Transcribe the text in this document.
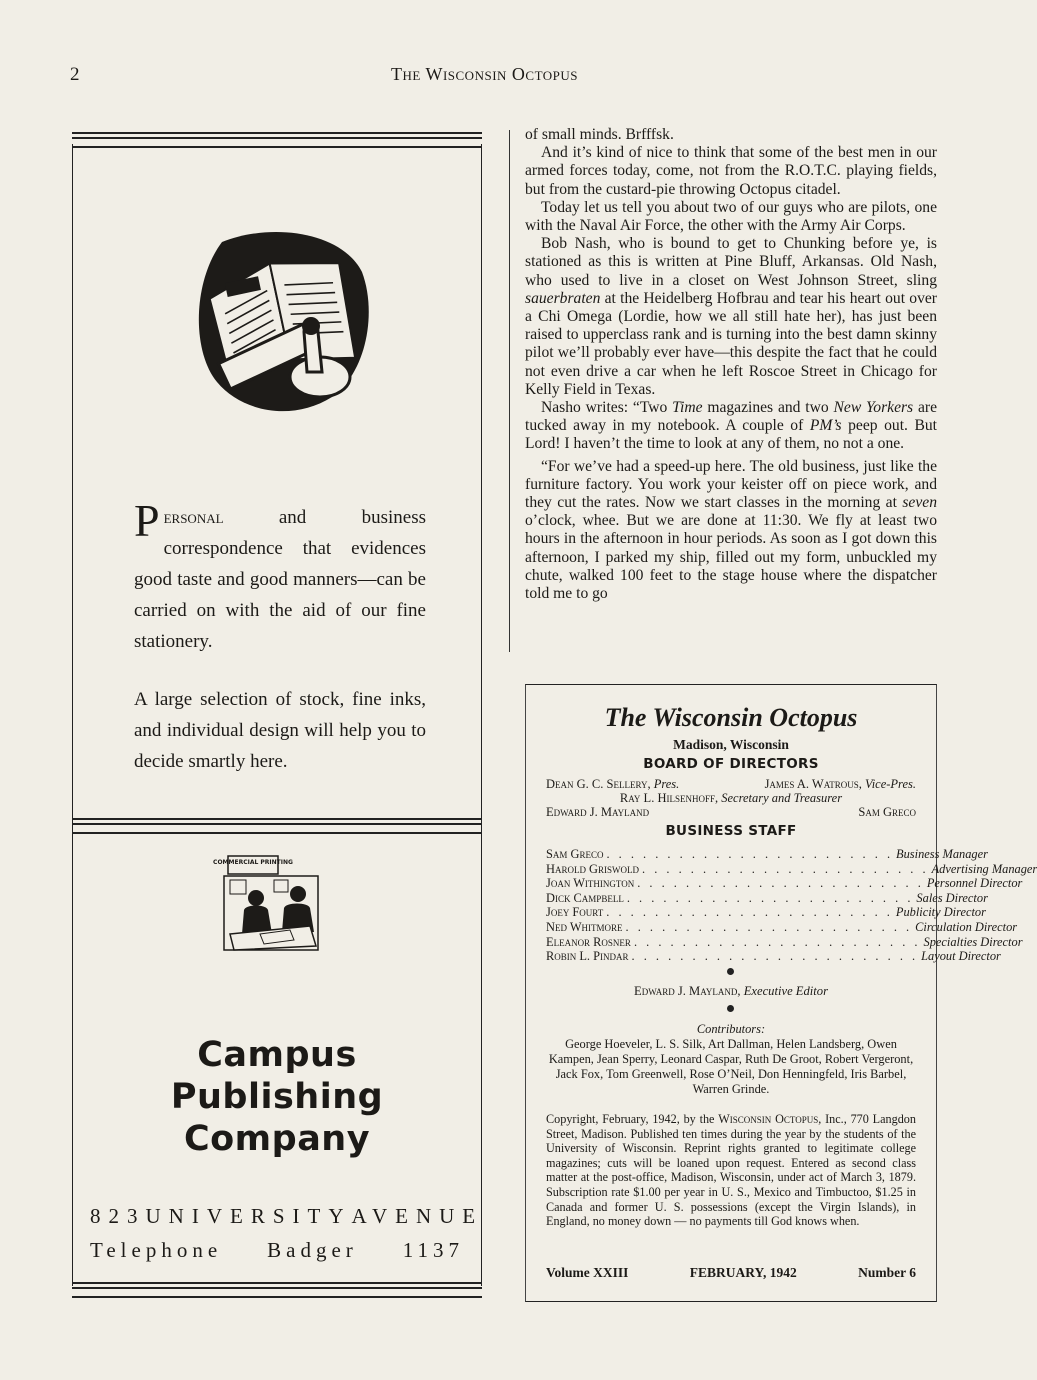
2	The Wisconsin Octopus
Personal and business correspondence that evidences good taste and good manners—can be carried on with the aid of our fine stationery.
A large selection of stock, fine inks, and individual design will help you to decide smartly here.
COMMERCIAL PRINTING
Campus
Publishing
Company
823 UNIVERSITY AVENUE
Telephone Badger 1137

of small minds. Brfffsk.

And it’s kind of nice to think that some of the best men in our armed forces today, come, not from the R.O.T.C. playing fields, but from the custard-pie throwing Octopus citadel.

Today let us tell you about two of our guys who are pilots, one with the Naval Air Force, the other with the Army Air Corps.

Bob Nash, who is bound to get to Chunking before ye, is stationed as this is written at Pine Bluff, Arkansas. Old Nash, who used to live in a closet on West Johnson Street, sling sauerbraten at the Heidelberg Hofbrau and tear his heart out over a Chi Omega (Lordie, how we all still hate her), has just been raised to upperclass rank and is turning into the best damn skinny pilot we’ll probably ever have—this despite the fact that he could not even drive a car when he left Roscoe Street in Chicago for Kelly Field in Texas.

Nasho writes: “Two Time magazines and two New Yorkers are tucked away in my notebook. A couple of PM’s peep out. But Lord! I haven’t the time to look at any of them, no not a one.

“For we’ve had a speed-up here. The old business, just like the furniture factory. You work your keister off on piece work, and they cut the rates. Now we start classes in the morning at seven o’clock, whee. But we are done at 11:30. We fly at least two hours in the afternoon in hour periods. As soon as I got down this afternoon, I parked my ship, filled out my form, unbuckled my chute, walked 100 feet to the stage house where the dispatcher told me to go

The Wisconsin Octopus
Madison, Wisconsin
BOARD OF DIRECTORS
Dean G. C. Sellery, Pres.	James A. Watrous, Vice-Pres.
Ray L. Hilsenhoff, Secretary and Treasurer
Edward J. Mayland	Sam Greco
BUSINESS STAFF
Sam Greco . . . . . . . . . . . . . . . . . . . . . . . . Business Manager
Harold Griswold . . . . . . . . . . . . . . . . . . . . . . . . Advertising Manager
Joan Withington . . . . . . . . . . . . . . . . . . . . . . . . Personnel Director
Dick Campbell . . . . . . . . . . . . . . . . . . . . . . . . Sales Director
Joey Fourt . . . . . . . . . . . . . . . . . . . . . . . . Publicity Director
Ned Whitmore . . . . . . . . . . . . . . . . . . . . . . . . Circulation Director
Eleanor Rosner . . . . . . . . . . . . . . . . . . . . . . . . Specialties Director
Robin L. Pindar . . . . . . . . . . . . . . . . . . . . . . . . Layout Director
Edward J. Mayland, Executive Editor
Contributors:
George Hoeveler, L. S. Silk, Art Dallman, Helen Landsberg, Owen Kampen, Jean Sperry, Leonard Caspar, Ruth De Groot, Robert Vergeront, Jack Fox, Tom Greenwell, Rose O’Neil, Don Henningfeld, Iris Barbel, Warren Grinde.
Copyright, February, 1942, by the Wisconsin Octopus, Inc., 770 Langdon Street, Madison. Published ten times during the year by the students of the University of Wisconsin. Reprint rights granted to legitimate college magazines; cuts will be loaned upon request. Entered as second class matter at the post-office, Madison, Wisconsin, under act of March 3, 1879. Subscription rate $1.00 per year in U. S., Mexico and Timbuctoo, $1.25 in Canada and former U. S. possessions (except the Virgin Islands), in England, no money down — no payments till God knows when.
Volume XXIII	FEBRUARY, 1942	Number 6
